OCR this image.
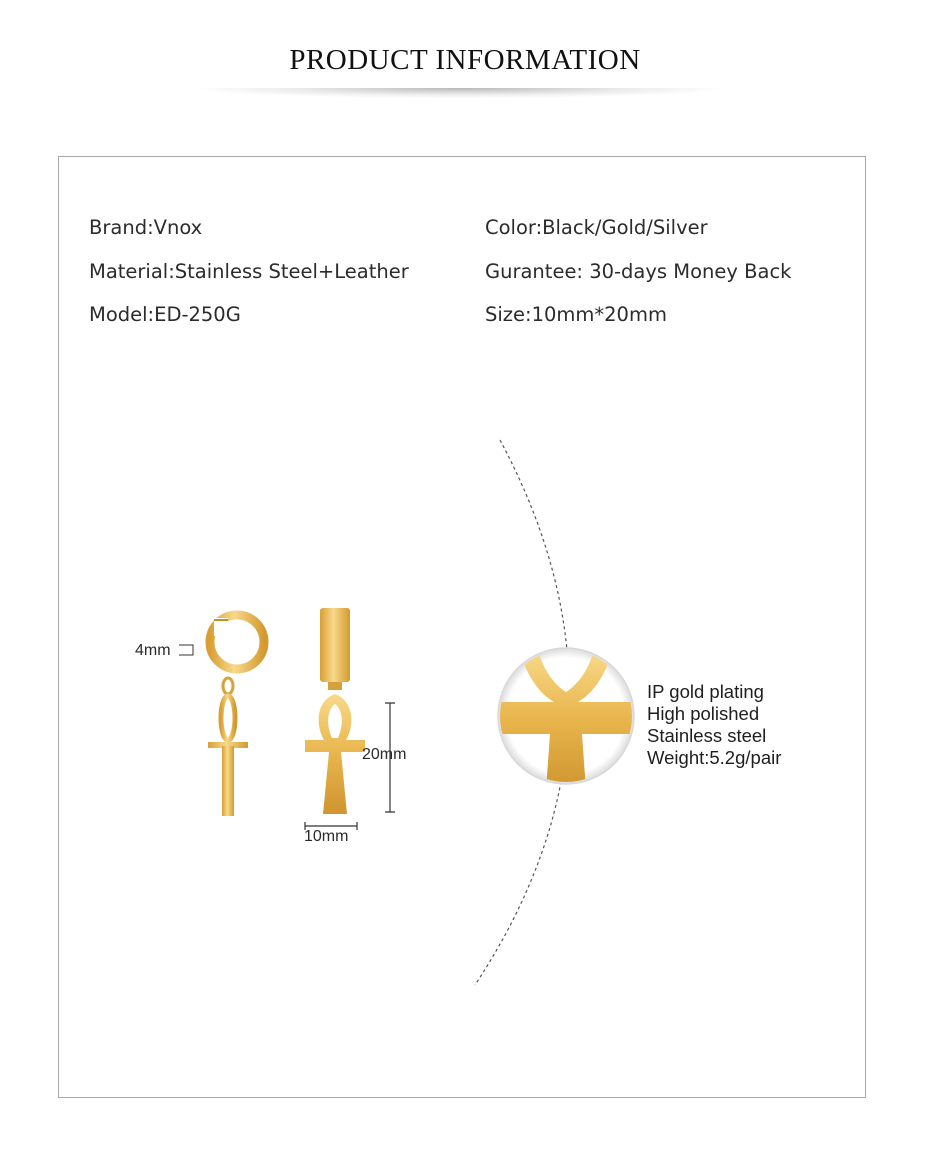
PRODUCT INFORMATION
Brand:Vnox
Material:Stainless Steel+Leather
Model:ED-250G
Color:Black/Gold/Silver
Gurantee: 30-days Money Back
Size:10mm*20mm
4mm
20mm
10mm
IP gold plating
High polished
Stainless steel
Weight:5.2g/pair
